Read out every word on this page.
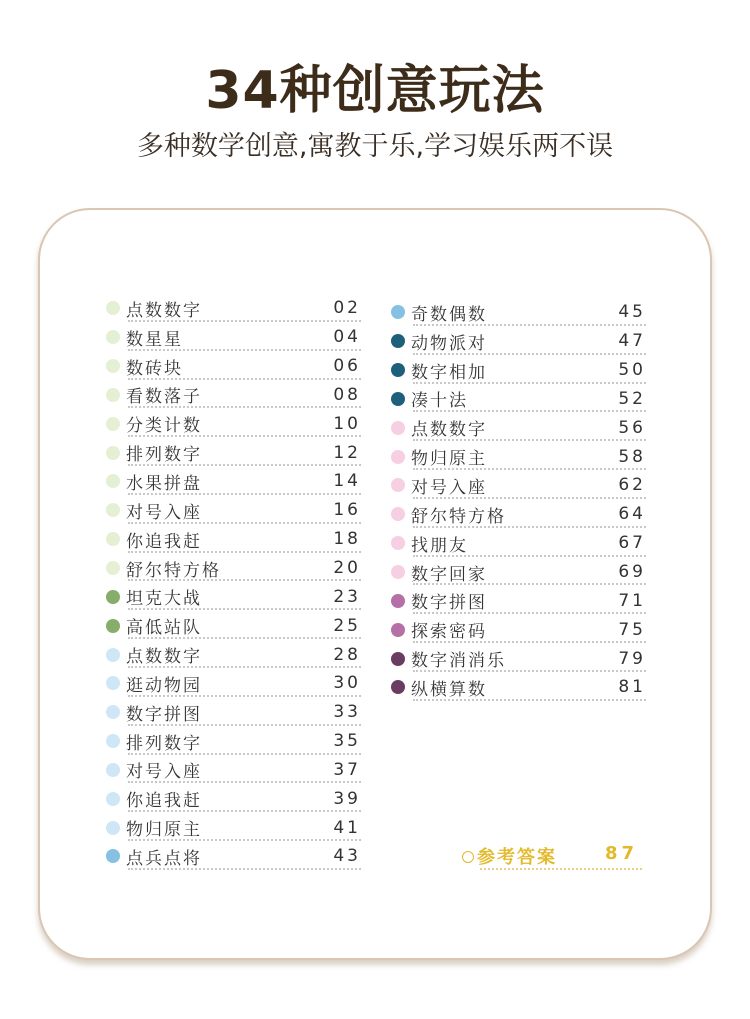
34种创意玩法
多种数学创意,寓教于乐,学习娱乐两不误
点数数字	02
数星星	04
数砖块	06
看数落子	08
分类计数	10
排列数字	12
水果拼盘	14
对号入座	16
你追我赶	18
舒尔特方格	20
坦克大战	23
高低站队	25
点数数字	28
逛动物园	30
数字拼图	33
排列数字	35
对号入座	37
你追我赶	39
物归原主	41
点兵点将	43
奇数偶数	45
动物派对	47
数字相加	50
凑十法	52
点数数字	56
物归原主	58
对号入座	62
舒尔特方格	64
找朋友	67
数字回家	69
数字拼图	71
探索密码	75
数字消消乐	79
纵横算数	81
参考答案	87
